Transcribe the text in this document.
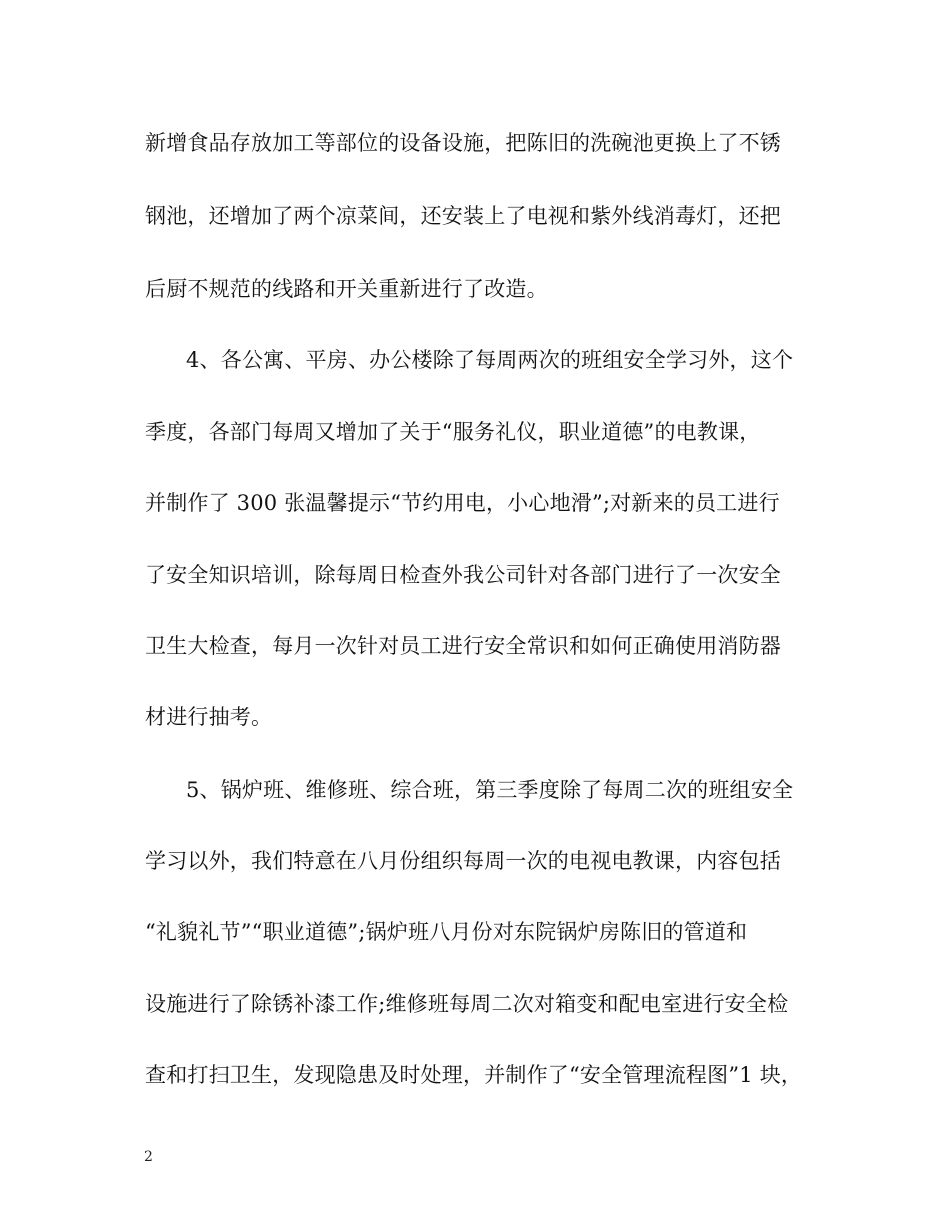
新增食品存放加工等部位的设备设施，把陈旧的洗碗池更换上了不锈
钢池，还增加了两个凉菜间，还安装上了电视和紫外线消毒灯，还把
后厨不规范的线路和开关重新进行了改造。
4、各公寓、平房、办公楼除了每周两次的班组安全学习外，这个
季度，各部门每周又增加了关于“服务礼仪，职业道德”的电教课，
并制作了 300 张温馨提示“节约用电，小心地滑”;对新来的员工进行
了安全知识培训，除每周日检查外我公司针对各部门进行了一次安全
卫生大检查，每月一次针对员工进行安全常识和如何正确使用消防器
材进行抽考。
5、锅炉班、维修班、综合班，第三季度除了每周二次的班组安全
学习以外，我们特意在八月份组织每周一次的电视电教课，内容包括
“礼貌礼节”“职业道德”;锅炉班八月份对东院锅炉房陈旧的管道和
设施进行了除锈补漆工作;维修班每周二次对箱变和配电室进行安全检
查和打扫卫生，发现隐患及时处理，并制作了“安全管理流程图”1 块，
2
